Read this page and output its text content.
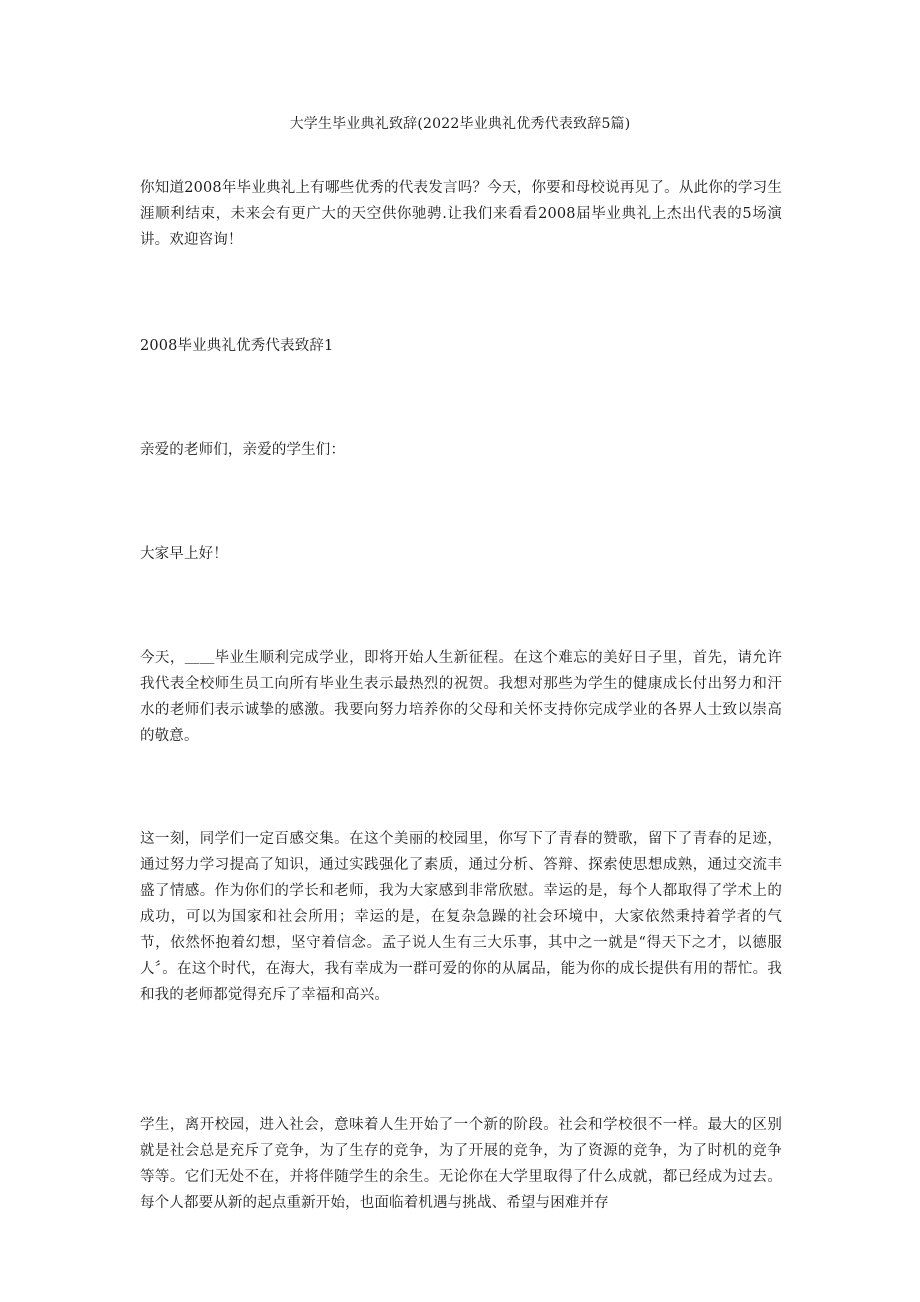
大学生毕业典礼致辞(2022毕业典礼优秀代表致辞5篇)
你知道2008年毕业典礼上有哪些优秀的代表发言吗？今天，你要和母校说再见了。从此你的学习生涯顺利结束，未来会有更广大的天空供你驰骋.让我们来看看2008届毕业典礼上杰出代表的5场演讲。欢迎咨询！
2008毕业典礼优秀代表致辞1
亲爱的老师们，亲爱的学生们：
大家早上好！
今天，＿＿毕业生顺利完成学业，即将开始人生新征程。在这个难忘的美好日子里，首先，请允许我代表全校师生员工向所有毕业生表示最热烈的祝贺。我想对那些为学生的健康成长付出努力和汗水的老师们表示诚挚的感激。我要向努力培养你的父母和关怀支持你完成学业的各界人士致以崇高的敬意。
这一刻，同学们一定百感交集。在这个美丽的校园里，你写下了青春的赞歌，留下了青春的足迹，通过努力学习提高了知识，通过实践强化了素质，通过分析、答辩、探索使思想成熟，通过交流丰盛了情感。作为你们的学长和老师，我为大家感到非常欣慰。幸运的是，每个人都取得了学术上的成功，可以为国家和社会所用；幸运的是，在复杂急躁的社会环境中，大家依然秉持着学者的气节，依然怀抱着幻想，坚守着信念。孟子说人生有三大乐事，其中之一就是“得天下之才，以德服人〞。在这个时代，在海大，我有幸成为一群可爱的你的从属品，能为你的成长提供有用的帮忙。我和我的老师都觉得充斥了幸福和高兴。
学生，离开校园，进入社会，意味着人生开始了一个新的阶段。社会和学校很不一样。最大的区别就是社会总是充斥了竞争，为了生存的竞争，为了开展的竞争，为了资源的竞争，为了时机的竞争等等。它们无处不在，并将伴随学生的余生。无论你在大学里取得了什么成就，都已经成为过去。每个人都要从新的起点重新开始，也面临着机遇与挑战、希望与困难并存
